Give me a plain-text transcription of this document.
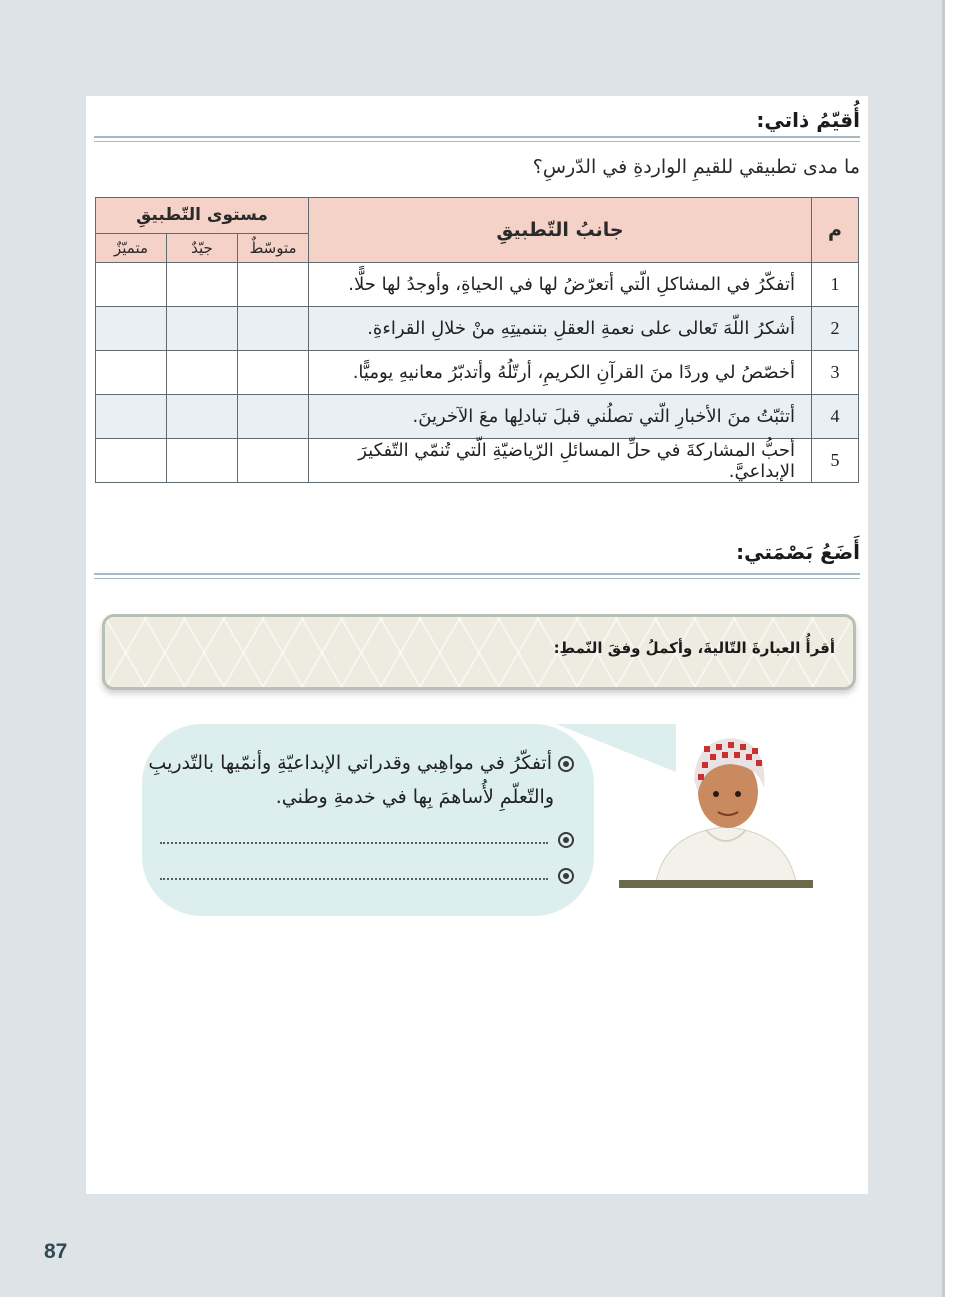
أُقيّمُ ذاتي:
ما مدى تطبيقي للقيمِ الواردةِ في الدّرسِ؟
م	جانبُ التّطبيقِ	مستوى التّطبيقِ		
		متوسّطٌ	جيّدٌ	متميّزٌ
1	أتفكّرُ في المشاكلِ الّتي أتعرّضُ لها في الحياةِ، وأوجدُ لها حلًّا.			
2	أشكرُ اللّهَ تَعالى على نعمةِ العقلِ بتنميتِهِ منْ خلالِ القراءةِ.			
3	أخصّصُ لي وردًا منَ القرآنِ الكريمِ، أرتّلُهُ وأتدبّرُ معانيهِ يوميًّا.			
4	أتثبّتُ منَ الأخبارِ الّتي تصلُني قبلَ تبادلِها معَ الآخرينَ.			
5	أحبُّ المشاركةَ في حلِّ المسائلِ الرّياضيّةِ الّتي تُنمّي التّفكيرَ الإبداعيَّ.			
أَضَعُ بَصْمَتي:
أقرأُ العبارةَ التّاليةَ، وأكملُ وفقَ النّمطِ:
أتفكّرُ في مواهِبي وقدراتي الإبداعيّةِ وأنمّيها بالتّدريبِ
والتّعلّمِ لأُساهمَ بِها في خدمةِ وطني.
87
